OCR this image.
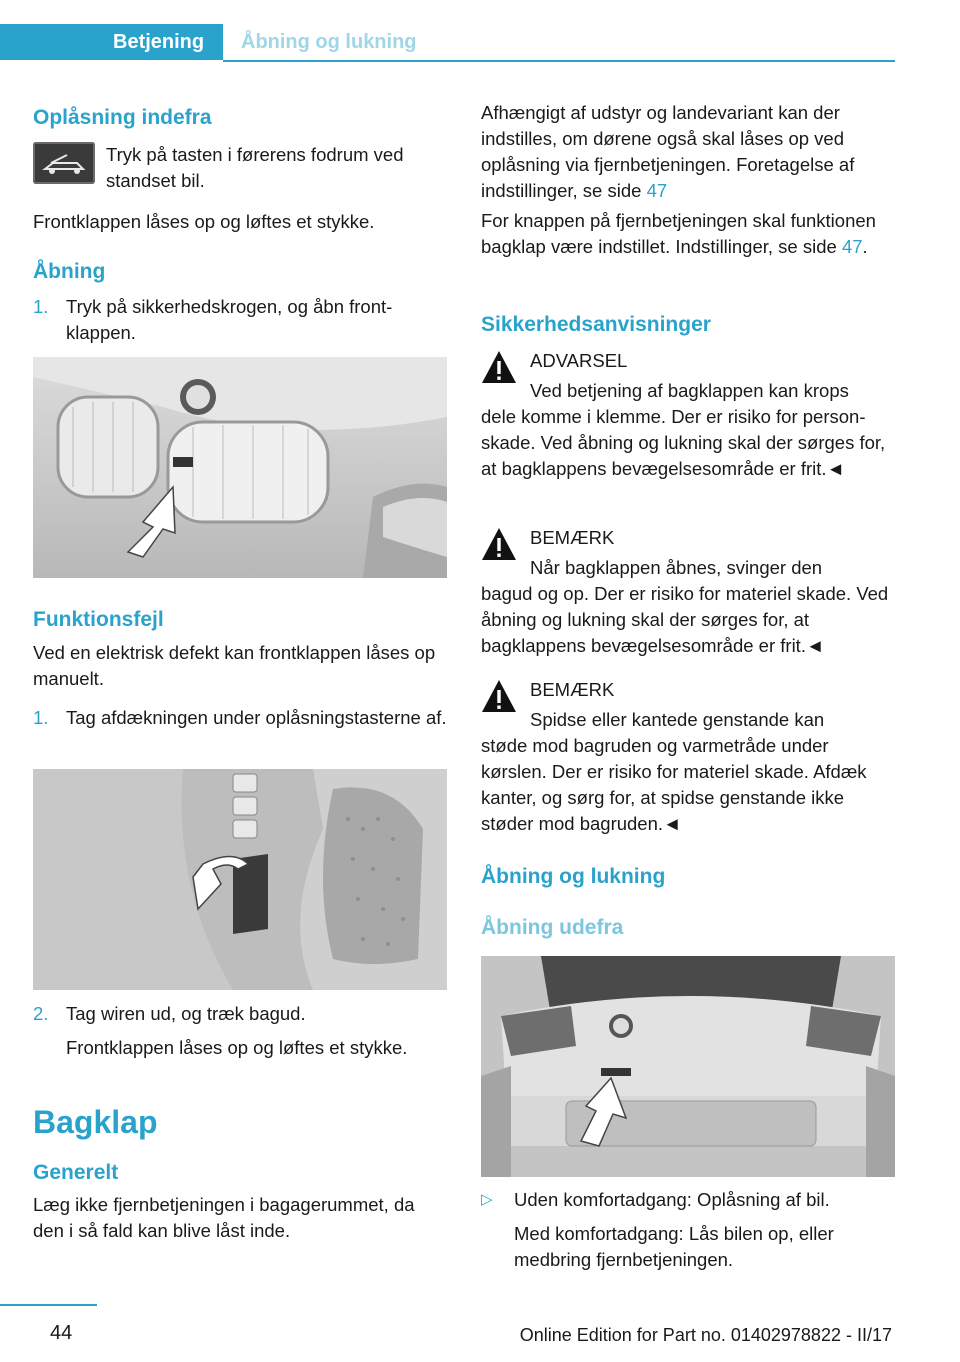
Betjening	Åbning og lukning
Oplåsning indefra

Tryk på tasten i førerens fodrum ved standset bil.

Frontklappen låses op og løftes et stykke.

Åbning
1. Tryk på sikkerhedskrogen, og åbn frontklappen.

Funktionsfejl

Ved en elektrisk defekt kan frontklappen låses op manuelt.

1. Tag afdækningen under oplåsningstasterne af.

2. Tag wiren ud, og træk bagud.

Frontklappen låses op og løftes et stykke.

Bagklap
Generelt

Læg ikke fjernbetjeningen i bagagerummet, da den i så fald kan blive låst inde.

Afhængigt af udstyr og landevariant kan der indstilles, om dørene også skal låses op ved oplåsning via fjernbetjeningen. Foretagelse af indstillinger, se side 47

For knappen på fjernbetjeningen skal funktionen bagklap være indstillet. Indstillinger, se side 47.

Sikkerhedsanvisninger

ADVARSEL

Ved betjening af bagklappen kan krops

dele komme i klemme. Der er risiko for personskade. Ved åbning og lukning skal der sørges for, at bagklappens bevægelsesområde er frit.◄

BEMÆRK

Når bagklappen åbnes, svinger den

bagud og op. Der er risiko for materiel skade. Ved åbning og lukning skal der sørges for, at bagklappens bevægelsesområde er frit.◄

BEMÆRK

Spidse eller kantede genstande kan

støde mod bagruden og varmetråde under kørslen. Der er risiko for materiel skade. Afdæk kanter, og sørg for, at spidse genstande ikke støder mod bagruden.◄

Åbning og lukning
Åbning udefra
▷ Uden komfortadgang: Oplåsning af bil.

Med komfortadgang: Lås bilen op, eller medbring fjernbetjeningen.

44	Online Edition for Part no. 01402978822 - II/17
